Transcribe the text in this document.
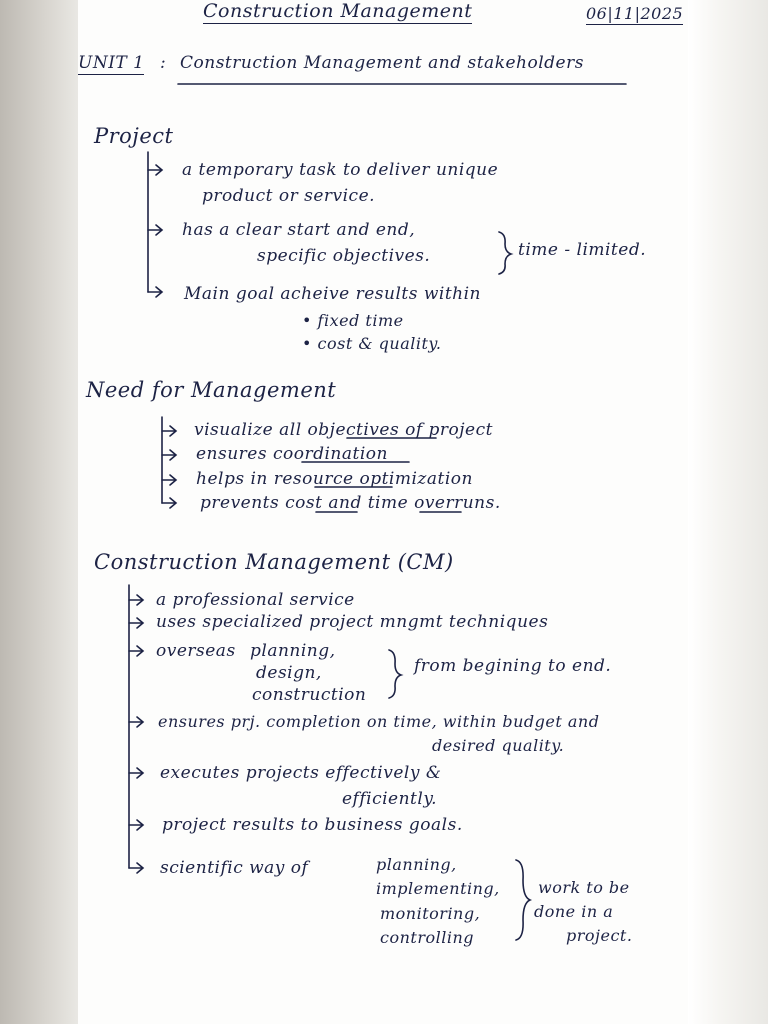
Construction Management	06|11|2025
UNIT 1 : Construction Management and stakeholders
Project
a temporary task to deliver unique
product or service.
has a clear start and end,
specific objectives.	time - limited.
Main goal acheive results within
• fixed time
• cost & quality.
Need for Management
visualize all objectives of project
ensures coordination
helps in resource optimization
prevents cost and time overruns.
Construction Management (CM)
a professional service
uses specialized project mngmt techniques
overseas planning,
design,
construction
from begining to end.
ensures prj. completion on time, within budget and
desired quality.
executes projects effectively &
efficiently.
project results to business goals.
scientific way of	planning,
implementing,
monitoring,
controlling
work to be
done in a
project.
